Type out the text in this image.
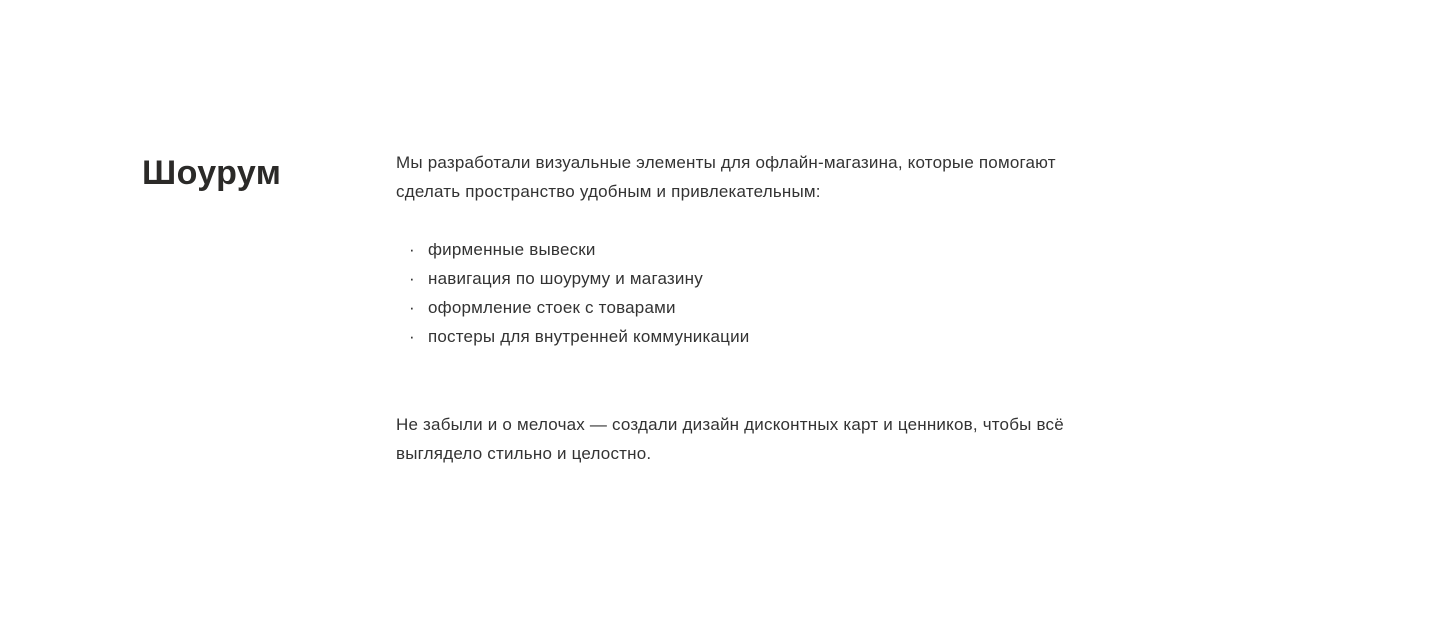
Шоурум	Мы разработали визуальные элементы для офлайн-магазина, которые помогают
сделать пространство удобным и привлекательным:
· фирменные вывески
· навигация по шоуруму и магазину
· оформление стоек с товарами
· постеры для внутренней коммуникации
Не забыли и о мелочах — создали дизайн дисконтных карт и ценников, чтобы всё
выглядело стильно и целостно.
